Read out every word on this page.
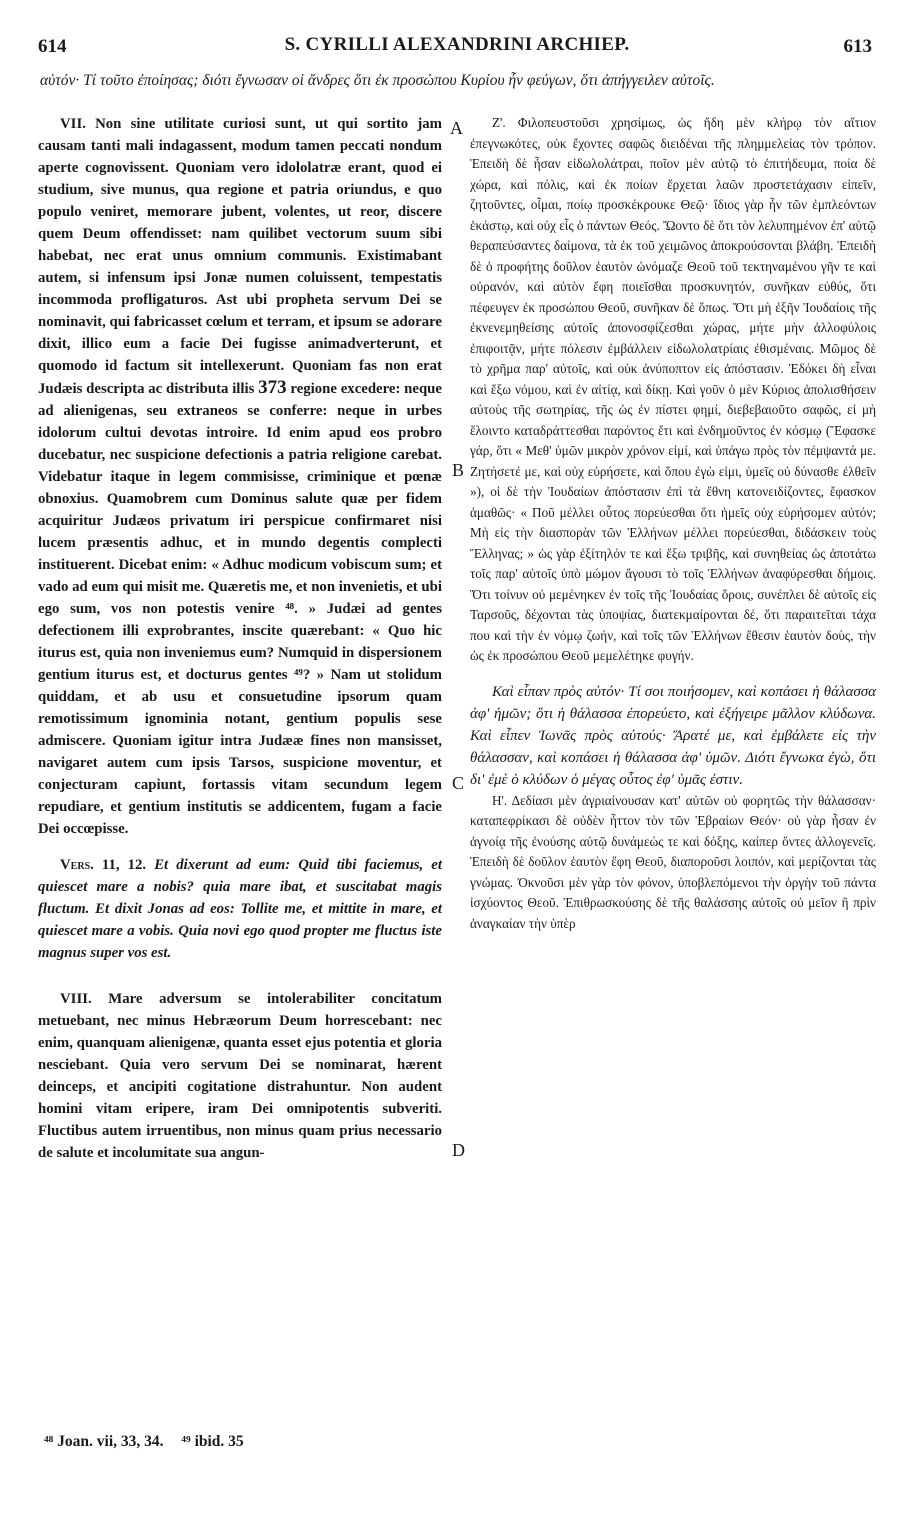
614	S. CYRILLI ALEXANDRINI ARCHIEP.	613
αὐτόν· Τί τοῦτο ἐποίησας; διότι ἔγνωσαν οἱ ἄνδρες ὅτι ἐκ προσώπου Κυρίου ἦν φεύγων, ὅτι ἀπήγγειλεν αὐτοῖς.

VII. Non sine utilitate curiosi sunt, ut qui sortito jam causam tanti mali indagassent, modum tamen peccati nondum aperte cognovissent. Quoniam vero idololatræ erant, quod ei studium, sive munus, qua regione et patria oriundus, e quo populo veniret, memorare jubent, volentes, ut reor, discere quem Deum offendisset: nam quilibet vectorum suum sibi habebat, nec erat unus omnium communis. Existimabant autem, si infensum ipsi Jonæ numen coluissent, tempestatis incommoda profligaturos. Ast ubi propheta servum Dei se nominavit, qui fabricasset cœlum et terram, et ipsum se adorare dixit, illico eum a facie Dei fugisse animadverterunt, et quomodo id factum sit intellexerunt. Quoniam fas non erat Judæis descripta ac distributa illis 373 regione excedere: neque ad alienigenas, seu extraneos se conferre: neque in urbes idolorum cultui devotas introire. Id enim apud eos probro ducebatur, nec suspicione defectionis a patria religione carebat. Videbatur itaque in legem commisisse, criminique et pœnæ obnoxius. Quamobrem cum Dominus salute quæ per fidem acquiritur Judæos privatum iri perspicue confirmaret nisi lucem præsentis adhuc, et in mundo degentis complecti instituerent. Dicebat enim: « Adhuc modicum vobiscum sum; et vado ad eum qui misit me. Quæretis me, et non invenietis, et ubi ego sum, vos non potestis venire ⁴⁸. » Judæi ad gentes defectionem illi exprobrantes, inscite quærebant: « Quo hic iturus est, quia non inveniemus eum? Numquid in dispersionem gentium iturus est, et docturus gentes ⁴⁹? » Nam ut stolidum quiddam, et ab usu et consuetudine ipsorum quam remotissimum ignominia notant, gentium populis sese admiscere. Quoniam igitur intra Judææ fines non mansisset, navigaret autem cum ipsis Tarsos, suspicione moventur, et conjecturam capiunt, fortassis vitam secundum legem repudiare, et gentium institutis se addicentem, fugam a facie Dei occœpisse.

Vers. 11, 12. Et dixerunt ad eum: Quid tibi faciemus, et quiescet mare a nobis? quia mare ibat, et suscitabat magis fluctum. Et dixit Jonas ad eos: Tollite me, et mittite in mare, et quiescet mare a vobis. Quia novi ego quod propter me fluctus iste magnus super vos est.

VIII. Mare adversum se intolerabiliter concitatum metuebant, nec minus Hebræorum Deum horrescebant: nec enim, quanquam alienigenæ, quanta esset ejus potentia et gloria nesciebant. Quia vero servum Dei se nominarat, hærent deinceps, et ancipiti cogitatione distrahuntur. Non audent homini vitam eripere, iram Dei omnipotentis subveriti. Fluctibus autem irruentibus, non minus quam prius necessario de salute et incolumitate sua angun-

Ζ'. Φιλοπευστοῦσι χρησίμως, ὡς ἤδη μὲν κλήρῳ τὸν αἴτιον ἐπεγνωκότες, οὐκ ἔχοντες σαφῶς διειδέναι τῆς πλημμελείας τὸν τρόπον. Ἐπειδὴ δὲ ἦσαν εἰδωλολάτραι, ποῖον μὲν αὐτῷ τὸ ἐπιτήδευμα, ποία δὲ χώρα, καὶ πόλις, καὶ ἐκ ποίων ἔρχεται λαῶν προστετάχασιν εἰπεῖν, ζητοῦντες, οἶμαι, ποίῳ προσκέκρουκε Θεῷ· ἴδιος γὰρ ἦν τῶν ἐμπλεόντων ἑκάστῳ, καὶ οὐχ εἷς ὁ πάντων Θεός. Ὤοντο δὲ ὅτι τὸν λελυπημένον ἐπ' αὐτῷ θεραπεύσαντες δαίμονα, τὰ ἐκ τοῦ χειμῶνος ἀποκρούσονται βλάβη. Ἐπειδὴ δὲ ὁ προφήτης δοῦλον ἑαυτὸν ὠνόμαζε Θεοῦ τοῦ τεκτηναμένου γῆν τε καὶ οὐρανόν, καὶ αὐτὸν ἔφη ποιεῖσθαι προσκυνητόν, συνῆκαν εὐθύς, ὅτι πέφευγεν ἐκ προσώπου Θεοῦ, συνῆκαν δὲ ὅπως. Ὅτι μὴ ἐξῆν Ἰουδαίοις τῆς ἐκνενεμηθείσης αὐτοῖς ἀπονοσφίζεσθαι χώρας, μήτε μὴν ἀλλοφύλοις ἐπιφοιτᾷν, μήτε πόλεσιν ἐμβάλλειν εἰδωλολατρίαις ἐθισμέναις. Μῶμος δὲ τὸ χρῆμα παρ' αὐτοῖς, καὶ οὐκ ἀνύποπτον εἰς ἀπόστασιν. Ἐδόκει δὴ εἶναι καὶ ἔξω νόμου, καὶ ἐν αἰτίᾳ, καὶ δίκῃ. Καὶ γοῦν ὁ μὲν Κύριος ἀπολισθήσειν αὐτοὺς τῆς σωτηρίας, τῆς ὡς ἐν πίστει φημί, διεβεβαιοῦτο σαφῶς, εἰ μὴ ἕλοιντο καταδράττεσθαι παρόντος ἔτι καὶ ἐνδημοῦντος ἐν κόσμῳ (Ἔφασκε γάρ, ὅτι « Μεθ' ὑμῶν μικρὸν χρόνον εἰμί, καὶ ὑπάγω πρὸς τὸν πέμψαντά με. Ζητήσετέ με, καὶ οὐχ εὑρήσετε, καὶ ὅπου ἐγὼ εἰμι, ὑμεῖς οὐ δύνασθε ἐλθεῖν »), οἱ δὲ τὴν Ἰουδαίων ἀπόστασιν ἐπὶ τὰ ἔθνη κατονειδίζοντες, ἔφασκον ἀμαθῶς· « Ποῦ μέλλει οὗτος πορεύεσθαι ὅτι ἡμεῖς οὐχ εὑρήσομεν αὐτόν; Μὴ εἰς τὴν διασπορὰν τῶν Ἑλλήνων μέλλει πορεύεσθαι, διδάσκειν τοὺς Ἕλληνας; » ὡς γὰρ ἐξίτηλόν τε καὶ ἔξω τριβῆς, καὶ συνηθείας ὡς ἀποτάτω τοῖς παρ' αὐτοῖς ὑπὸ μώμον ἄγουσι τὸ τοῖς Ἑλλήνων ἀναφύρεσθαι δήμοις. Ὅτι τοίνυν οὐ μεμένηκεν ἐν τοῖς τῆς Ἰουδαίας ὅροις, συνέπλει δὲ αὐτοῖς εἰς Ταρσοῦς, δέχονται τὰς ὑποψίας, διατεκμαίρονται δέ, ὅτι παραιτεῖται τάχα που καὶ τὴν ἐν νόμῳ ζωήν, καὶ τοῖς τῶν Ἑλλήνων ἔθεσιν ἑαυτὸν δοὺς, τὴν ὡς ἐκ προσώπου Θεοῦ μεμελέτηκε φυγήν.

Καὶ εἶπαν πρὸς αὐτόν· Τί σοι ποιήσομεν, καὶ κοπάσει ἡ θάλασσα ἀφ' ἡμῶν; ὅτι ἡ θάλασσα ἐπορεύετο, καὶ ἐξήγειρε μᾶλλον κλύδωνα. Καὶ εἶπεν Ἰωνᾶς πρὸς αὐτούς· Ἄρατέ με, καὶ ἐμβάλετε εἰς τὴν θάλασσαν, καὶ κοπάσει ἡ θάλασσα ἀφ' ὑμῶν. Διότι ἔγνωκα ἐγὼ, ὅτι δι' ἐμὲ ὁ κλύδων ὁ μέγας οὗτος ἐφ' ὑμᾶς ἐστιν.

Η'. Δεδίασι μὲν ἀγριαίνουσαν κατ' αὐτῶν οὐ φορητῶς τὴν θάλασσαν· καταπεφρίκασι δὲ οὐδὲν ἧττον τὸν τῶν Ἑβραίων Θεόν· οὐ γὰρ ἦσαν ἐν ἀγνοίᾳ τῆς ἐνούσης αὐτῷ δυνάμεώς τε καὶ δόξης, καίπερ ὄντες ἀλλογενεῖς. Ἐπειδὴ δὲ δοῦλον ἑαυτὸν ἔφη Θεοῦ, διαποροῦσι λοιπόν, καὶ μερίζονται τὰς γνώμας. Ὀκνοῦσι μὲν γὰρ τὸν φόνον, ὑποβλεπόμενοι τὴν ὀργὴν τοῦ πάντα ἰσχύοντος Θεοῦ. Ἐπιθρωσκούσης δὲ τῆς θαλάσσης αὐτοῖς οὐ μεῖον ἢ πρὶν ἀναγκαίαν τὴν ὑπὲρ

A
B
C
D
⁴⁸ Joan. vii, 33, 34. ⁴⁹ ibid. 35
